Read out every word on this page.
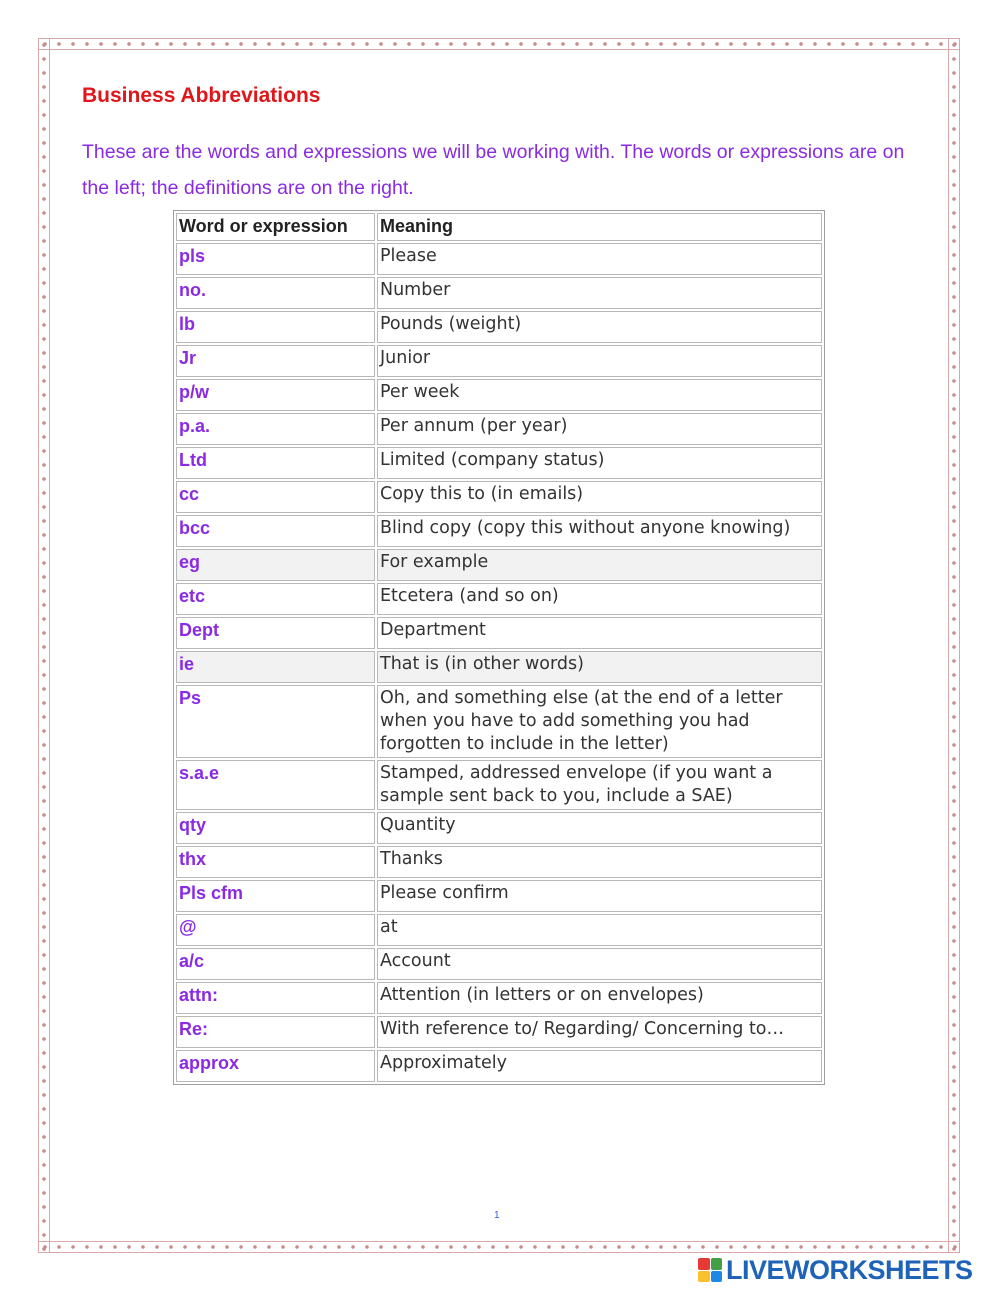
Business Abbreviations

These are the words and expressions we will be working with. The words or expressions are on the left; the definitions are on the right.

Word or expression	Meaning
pls	Please
no.	Number
lb	Pounds (weight)
Jr	Junior
p/w	Per week
p.a.	Per annum (per year)
Ltd	Limited (company status)
cc	Copy this to (in emails)
bcc	Blind copy (copy this without anyone knowing)
eg	For example
etc	Etcetera (and so on)
Dept	Department
ie	That is (in other words)
Ps	Oh, and something else (at the end of a letter when you have to add something you had forgotten to include in the letter)
s.a.e	Stamped, addressed envelope (if you want a sample sent back to you, include a SAE)
qty	Quantity
thx	Thanks
Pls cfm	Please confirm
@	at
a/c	Account
attn:	Attention (in letters or on envelopes)
Re:	With reference to/ Regarding/ Concerning to…
approx	Approximately
1
LIVEWORKSHEETS
